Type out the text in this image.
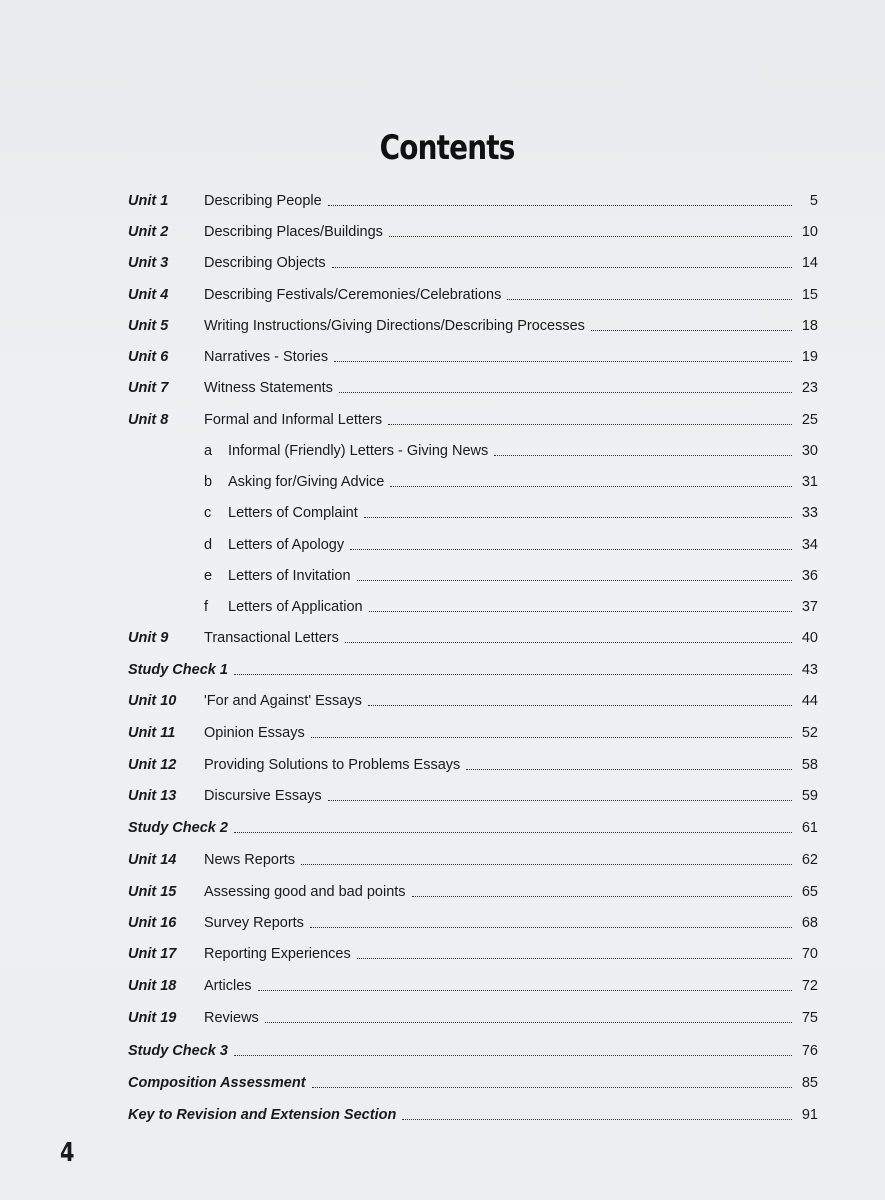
Contents
Unit 1	Describing People	5
Unit 2	Describing Places/Buildings	10
Unit 3	Describing Objects	14
Unit 4	Describing Festivals/Ceremonies/Celebrations	15
Unit 5	Writing Instructions/Giving Directions/Describing Processes	18
Unit 6	Narratives - Stories	19
Unit 7	Witness Statements	23
Unit 8	Formal and Informal Letters	25
a	Informal (Friendly) Letters - Giving News	30
b	Asking for/Giving Advice	31
c	Letters of Complaint	33
d	Letters of Apology	34
e	Letters of Invitation	36
f	Letters of Application	37
Unit 9	Transactional Letters	40
Study Check 1	43
Unit 10	'For and Against' Essays	44
Unit 11	Opinion Essays	52
Unit 12	Providing Solutions to Problems Essays	58
Unit 13	Discursive Essays	59
Study Check 2	61
Unit 14	News Reports	62
Unit 15	Assessing good and bad points	65
Unit 16	Survey Reports	68
Unit 17	Reporting Experiences	70
Unit 18	Articles	72
Unit 19	Reviews	75
Study Check 3	76
Composition Assessment	85
Key to Revision and Extension Section	91
4
